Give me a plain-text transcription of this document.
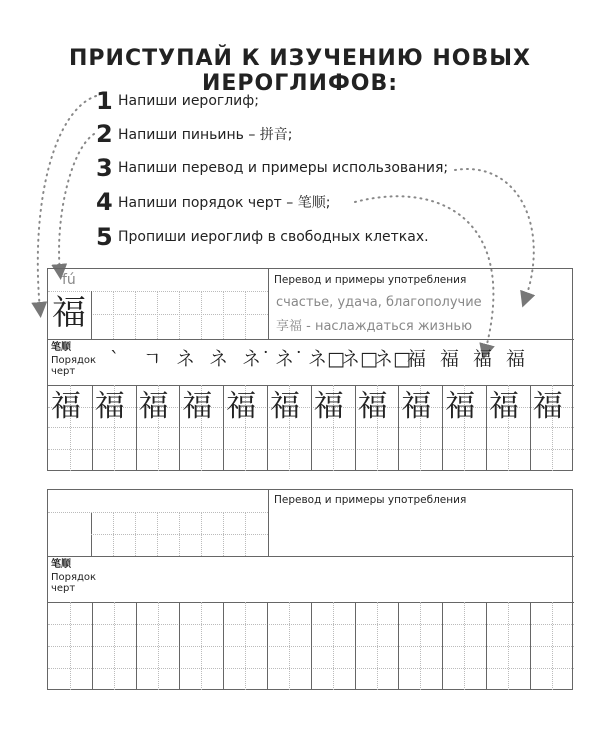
ПРИСТУПАЙ К ИЗУЧЕНИЮ НОВЫХ ИЕРОГЛИФОВ:
1 Напиши иероглиф;
2 Напиши пиньинь – 拼音;
3 Напиши перевод и примеры использования;
4 Напиши порядок черт – 笔顺;
5 Пропиши иероглиф в свободных клетках.
fú
福
Перевод и примеры употребления
счастье, удача, благополучие
享福 - наслаждаться жизнью
笔顺
Порядок
черт
` ㄱ ネ ネ ネ˙ ネ˙ ネ□
ネ□
ネ□
福 福 福 福
福 福 福 福 福 福 福 福 福 福 福 福
Перевод и примеры употребления
笔顺
Порядок
черт
